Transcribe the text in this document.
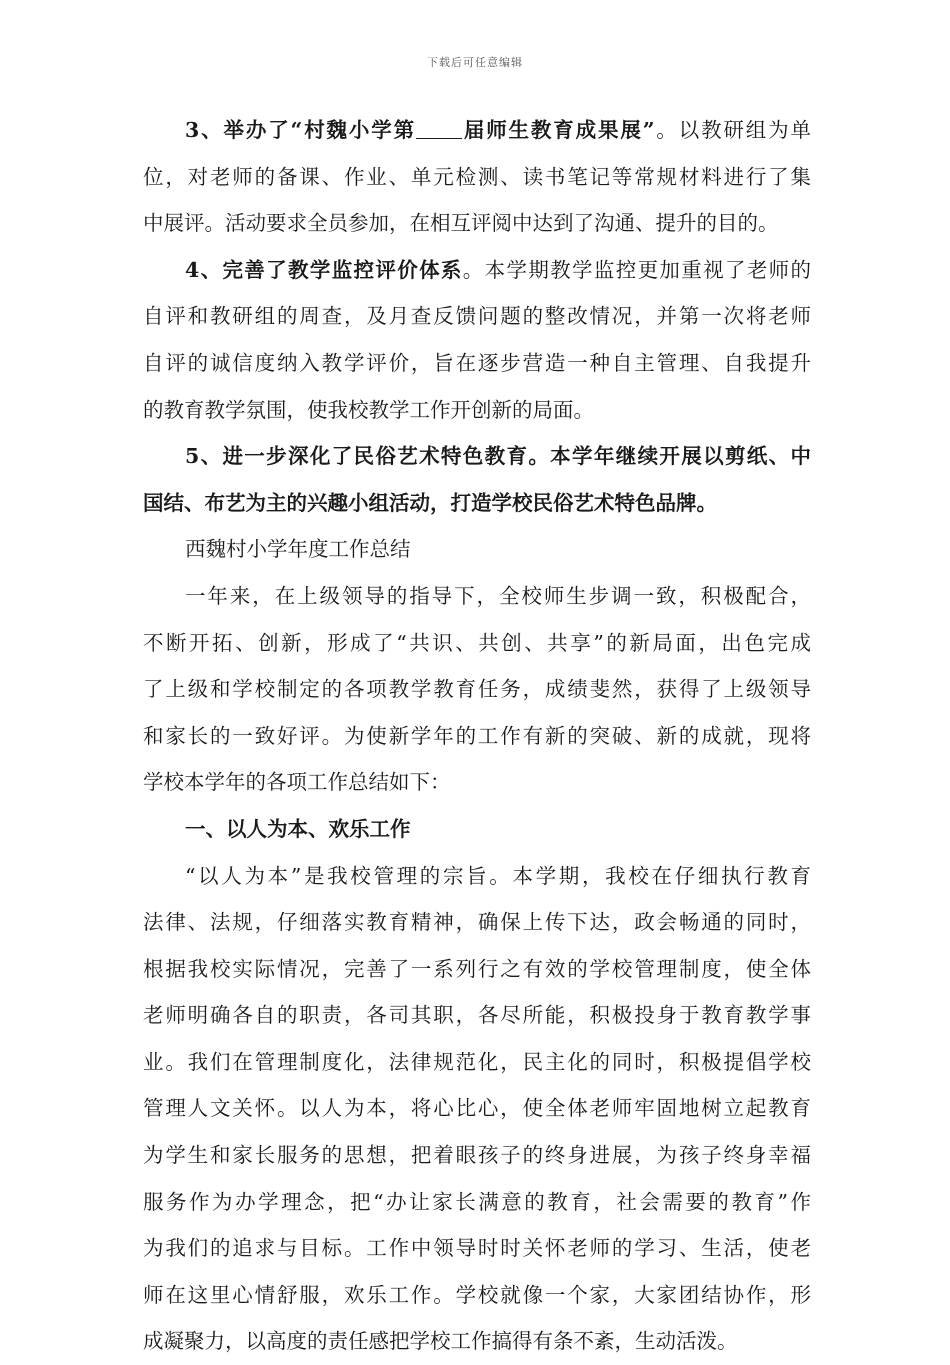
下载后可任意编辑
3、举办了“村魏小学第 届师生教育成果展”。以教研组为单
位，对老师的备课、作业、单元检测、读书笔记等常规材料进行了集
中展评。活动要求全员参加，在相互评阅中达到了沟通、提升的目的。
4、完善了教学监控评价体系。本学期教学监控更加重视了老师的
自评和教研组的周查，及月查反馈问题的整改情况，并第一次将老师
自评的诚信度纳入教学评价，旨在逐步营造一种自主管理、自我提升
的教育教学氛围，使我校教学工作开创新的局面。
5、进一步深化了民俗艺术特色教育。本学年继续开展以剪纸、中
国结、布艺为主的兴趣小组活动，打造学校民俗艺术特色品牌。
西魏村小学年度工作总结
一年来，在上级领导的指导下，全校师生步调一致，积极配合，
不断开拓、创新，形成了“共识、共创、共享”的新局面，出色完成
了上级和学校制定的各项教学教育任务，成绩斐然，获得了上级领导
和家长的一致好评。为使新学年的工作有新的突破、新的成就，现将
学校本学年的各项工作总结如下：
一、以人为本、欢乐工作
“以人为本”是我校管理的宗旨。本学期，我校在仔细执行教育
法律、法规，仔细落实教育精神，确保上传下达，政会畅通的同时，
根据我校实际情况，完善了一系列行之有效的学校管理制度，使全体
老师明确各自的职责，各司其职，各尽所能，积极投身于教育教学事
业。我们在管理制度化，法律规范化，民主化的同时，积极提倡学校
管理人文关怀。以人为本，将心比心，使全体老师牢固地树立起教育
为学生和家长服务的思想，把着眼孩子的终身进展，为孩子终身幸福
服务作为办学理念，把“办让家长满意的教育，社会需要的教育”作
为我们的追求与目标。工作中领导时时关怀老师的学习、生活，使老
师在这里心情舒服，欢乐工作。学校就像一个家，大家团结协作，形
成凝聚力，以高度的责任感把学校工作搞得有条不紊，生动活泼。
